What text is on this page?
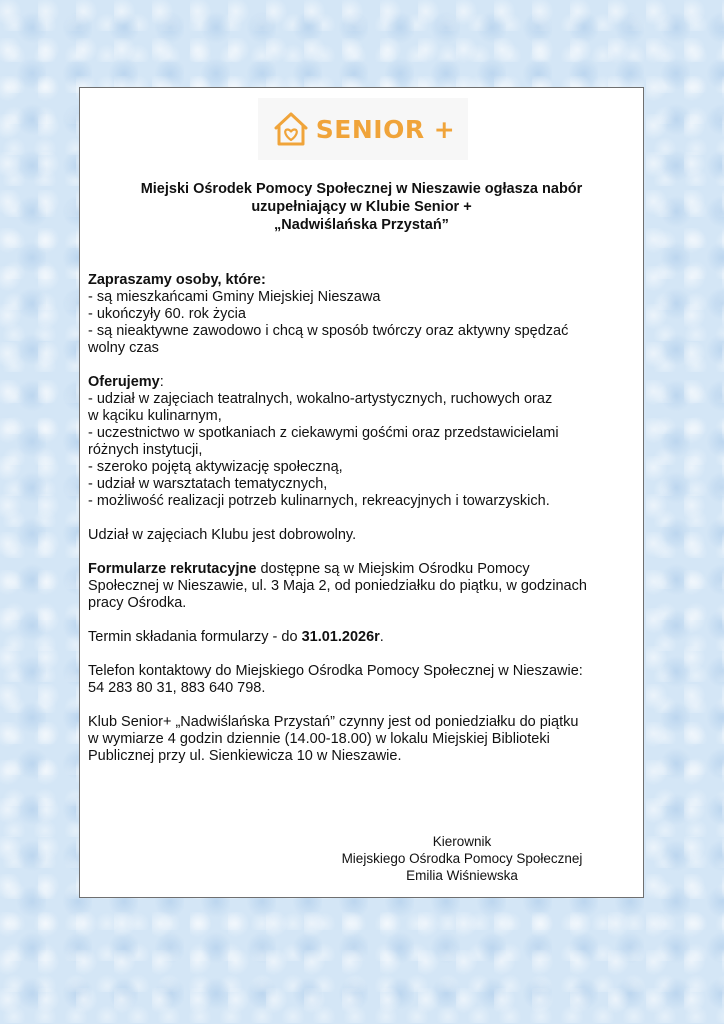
SENIOR +
Miejski Ośrodek Pomocy Społecznej w Nieszawie ogłasza nabór
uzupełniający w Klubie Senior +
„Nadwiślańska Przystań”

Zapraszamy osoby, które:

- są mieszkańcami Gminy Miejskiej Nieszawa

- ukończyły 60. rok życia

- są nieaktywne zawodowo i chcą w sposób twórczy oraz aktywny spędzać

wolny czas

Oferujemy:

- udział w zajęciach teatralnych, wokalno-artystycznych, ruchowych oraz

w kąciku kulinarnym,

- uczestnictwo w spotkaniach z ciekawymi gośćmi oraz przedstawicielami

różnych instytucji,

- szeroko pojętą aktywizację społeczną,

- udział w warsztatach tematycznych,

- możliwość realizacji potrzeb kulinarnych, rekreacyjnych i towarzyskich.

Udział w zajęciach Klubu jest dobrowolny.

Formularze rekrutacyjne dostępne są w Miejskim Ośrodku Pomocy

Społecznej w Nieszawie, ul. 3 Maja 2, od poniedziałku do piątku, w godzinach

pracy Ośrodka.

Termin składania formularzy - do 31.01.2026r.

Telefon kontaktowy do Miejskiego Ośrodka Pomocy Społecznej w Nieszawie:

54 283 80 31, 883 640 798.

Klub Senior+ „Nadwiślańska Przystań” czynny jest od poniedziałku do piątku

w wymiarze 4 godzin dziennie (14.00-18.00) w lokalu Miejskiej Biblioteki

Publicznej przy ul. Sienkiewicza 10 w Nieszawie.

Kierownik
Miejskiego Ośrodka Pomocy Społecznej
Emilia Wiśniewska
